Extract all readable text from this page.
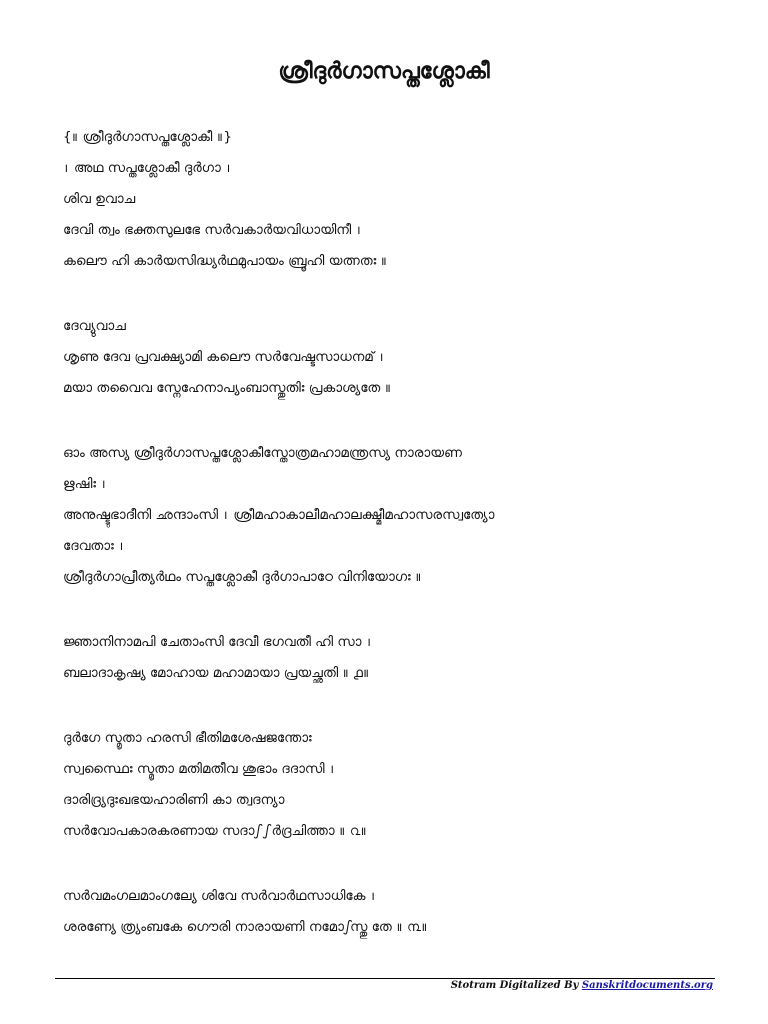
ശ്രീദുർഗാസപ്തശ്ലോകീ
{॥ ശ്രീദുർഗാസപ്തശ്ലോകീ ॥}
। അഥ സപ്തശ്ലോകീ ദുർഗാ ।
ശിവ ഉവാച
ദേവി ത്വം ഭക്തസുലഭേ സർവകാർയവിധായിനീ ।
കലൌ ഹി കാർയസിദ്ധ്യർഥമുപായം ബ്രൂഹി യത്നതഃ ॥
ദേവ്യുവാച
ശൃണു ദേവ പ്രവക്ഷ്യാമി കലൌ സർവേഷ്ടസാധനമ് ।
മയാ തവൈവ സ്നേഹേനാപ്യംബാസ്തുതിഃ പ്രകാശ്യതേ ॥
ഓം അസ്യ ശ്രീദുർഗാസപ്തശ്ലോകീസ്തോത്രമഹാമന്ത്രസ്യ നാരായണ
ഋഷിഃ ।
അനുഷ്ടുഭാദീനി ഛന്ദാംസി । ശ്രീമഹാകാലീമഹാലക്ഷ്മീമഹാസരസ്വത്യോ
ദേവതാഃ ।
ശ്രീദുർഗാപ്രീത്യർഥം സപ്തശ്ലോകീ ദുർഗാപാഠേ വിനിയോഗഃ ॥
ജ്ഞാനിനാമപി ചേതാംസി ദേവീ ഭഗവതീ ഹി സാ ।
ബലാദാകൃഷ്യ മോഹായ മഹാമായാ പ്രയച്ഛതി ॥ ൧॥
ദുർഗേ സ്മൃതാ ഹരസി ഭീതിമശേഷജന്തോഃ
സ്വസ്ഥൈഃ സ്മൃതാ മതിമതീവ ശുഭാം ദദാസി ।
ദാരിദ്ര്യദുഃഖഭയഹാരിണി കാ ത്വദന്യാ
സർവോപകാരകരണായ സദാഽഽർദ്രചിത്താ ॥ ൨॥
സർവമംഗലമാംഗല്യേ ശിവേ സർവാർഥസാധികേ ।
ശരണ്യേ ത്ര്യംബകേ ഗൌരി നാരായണി നമോഽസ്തു തേ ॥ ൩॥
Stotram Digitalized By Sanskritdocuments.org
